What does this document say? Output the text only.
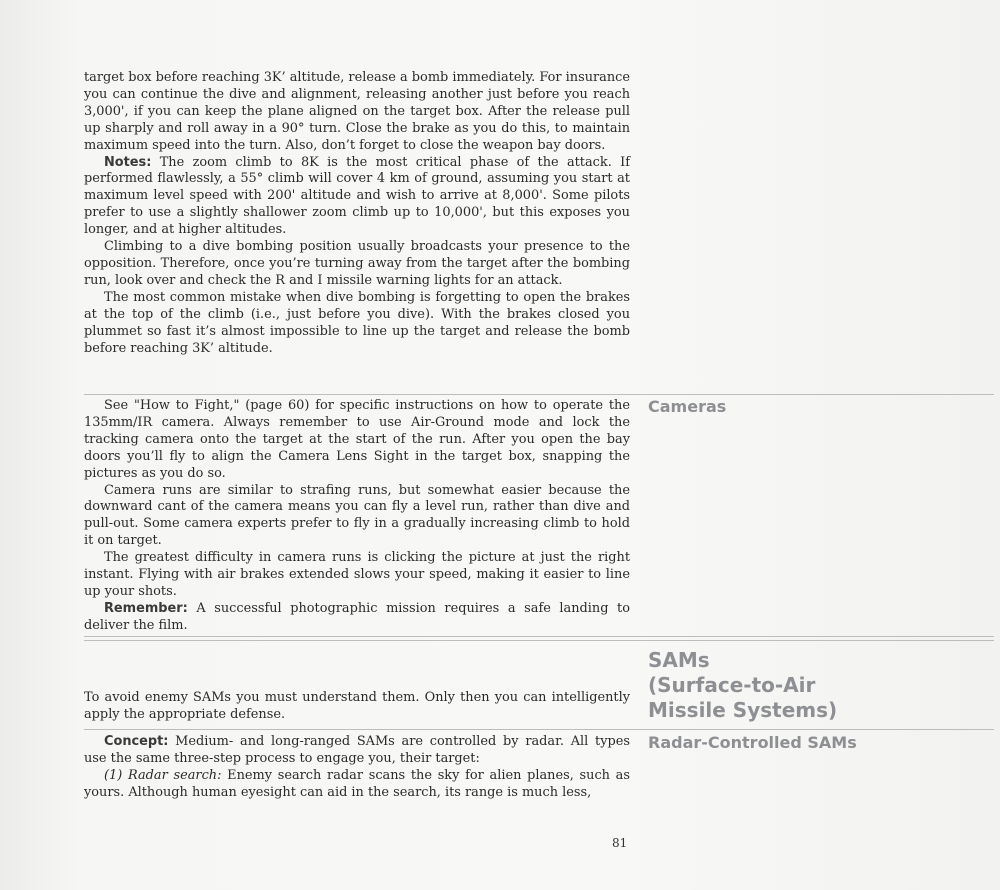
target box before reaching 3K’ altitude, release a bomb immediately. For insurance you can continue the dive and alignment, releasing another just before you reach 3,000', if you can keep the plane aligned on the target box. After the release pull up sharply and roll away in a 90° turn. Close the brake as you do this, to maintain maximum speed into the turn. Also, don’t forget to close the weapon bay doors.

Notes: The zoom climb to 8K is the most critical phase of the attack. If performed flawlessly, a 55° climb will cover 4 km of ground, assuming you start at maximum level speed with 200' altitude and wish to arrive at 8,000'. Some pilots prefer to use a slightly shallower zoom climb up to 10,000', but this exposes you longer, and at higher altitudes.

Climbing to a dive bombing position usually broadcasts your presence to the opposition. Therefore, once you’re turning away from the target after the bombing run, look over and check the R and I missile warning lights for an attack.

The most common mistake when dive bombing is forgetting to open the brakes at the top of the climb (i.e., just before you dive). With the brakes closed you plummet so fast it’s almost impossible to line up the target and release the bomb before reaching 3K’ altitude.

Cameras

See "How to Fight," (page 60) for specific instructions on how to operate the 135mm/IR camera. Always remember to use Air-Ground mode and lock the tracking camera onto the target at the start of the run. After you open the bay doors you’ll fly to align the Camera Lens Sight in the target box, snapping the pictures as you do so.

Camera runs are similar to strafing runs, but somewhat easier because the downward cant of the camera means you can fly a level run, rather than dive and pull-out. Some camera experts prefer to fly in a gradually increasing climb to hold it on target.

The greatest difficulty in camera runs is clicking the picture at just the right instant. Flying with air brakes extended slows your speed, making it easier to line up your shots.

Remember: A successful photographic mission requires a safe landing to deliver the film.

SAMs
(Surface-to-Air
Missile Systems)

To avoid enemy SAMs you must understand them. Only then you can intelligently apply the appropriate defense.

Radar-Controlled SAMs

Concept: Medium- and long-ranged SAMs are controlled by radar. All types use the same three-step process to engage you, their target:

(1) Radar search: Enemy search radar scans the sky for alien planes, such as yours. Although human eyesight can aid in the search, its range is much less,

81
